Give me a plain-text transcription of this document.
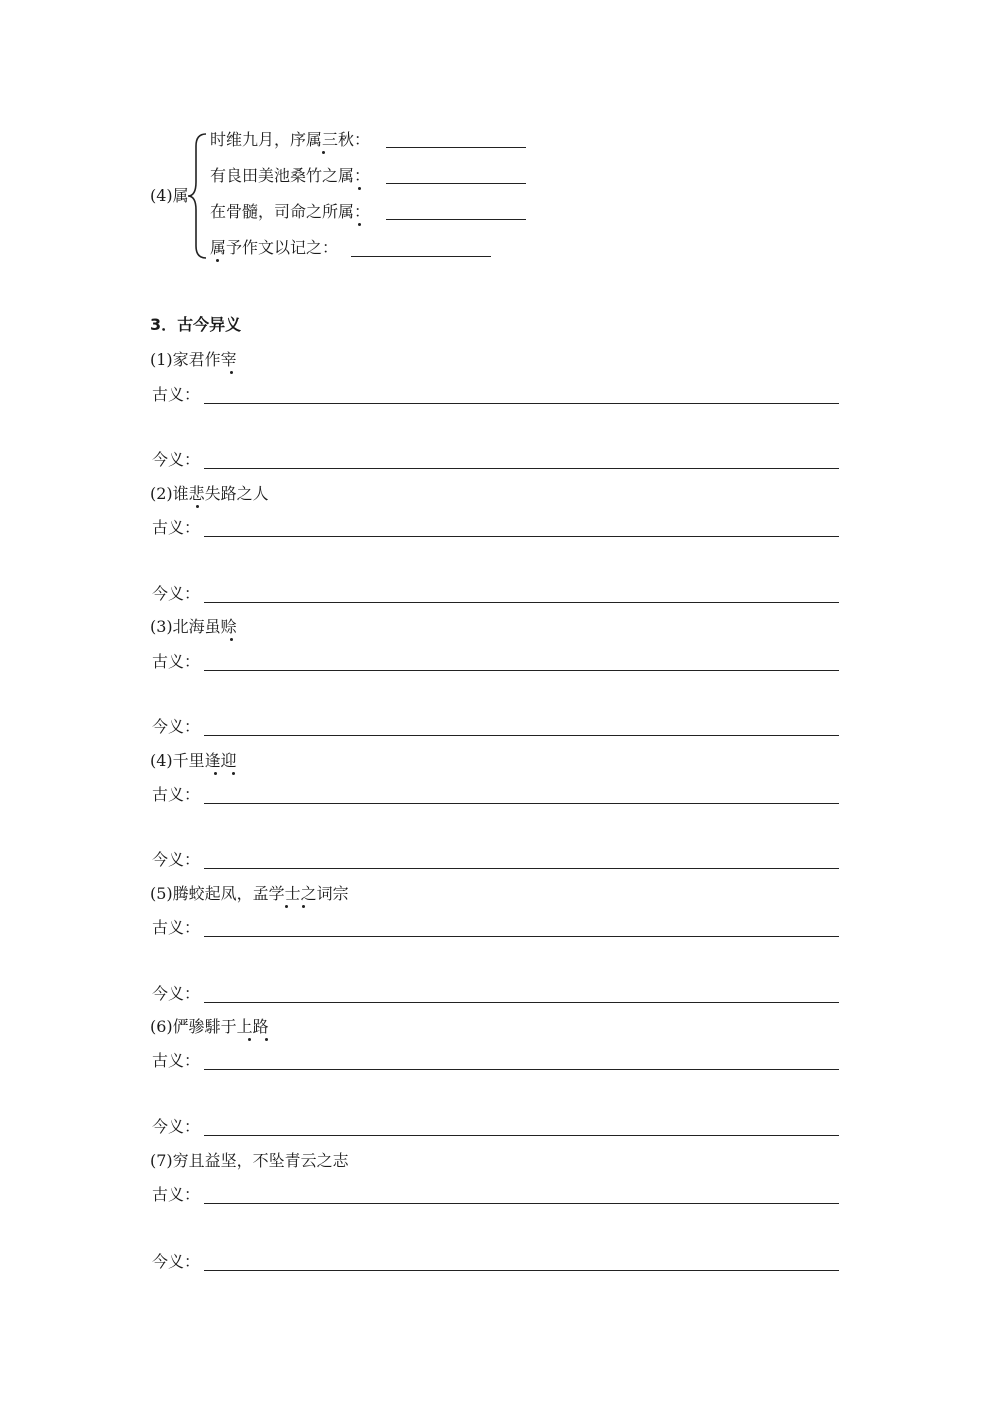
(4)属
时维九月，序属三秋：
有良田美池桑竹之属：
在骨髓，司命之所属：
属予作文以记之：
3．古今异义
(1)家君作宰
古义：
今义：
(2)谁悲失路之人
古义：
今义：
(3)北海虽赊
古义：
今义：
(4)千里逢迎
古义：
今义：
(5)腾蛟起凤，孟学士之词宗
古义：
今义：
(6)俨骖騑于上路
古义：
今义：
(7)穷且益坚，不坠青云之志
古义：
今义：
